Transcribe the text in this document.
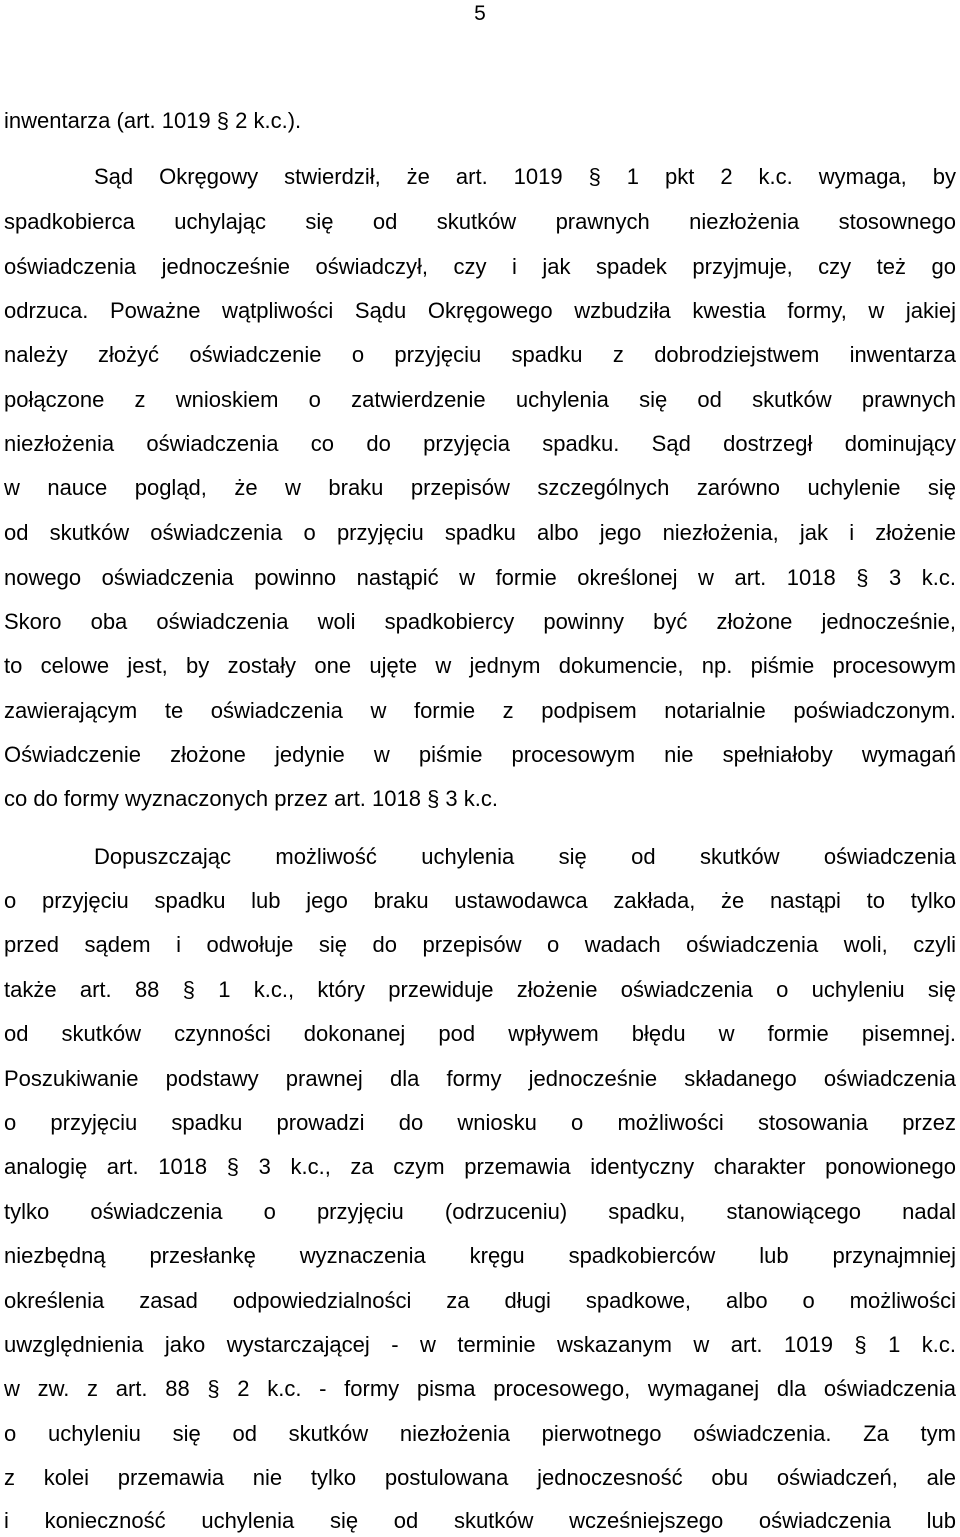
5
inwentarza (art. 1019 § 2 k.c.).
Sąd Okręgowy stwierdził, że art. 1019 § 1 pkt 2 k.c. wymaga, by
spadkobierca uchylając się od skutków prawnych niezłożenia stosownego
oświadczenia jednocześnie oświadczył, czy i jak spadek przyjmuje, czy też go
odrzuca. Poważne wątpliwości Sądu Okręgowego wzbudziła kwestia formy, w jakiej
należy złożyć oświadczenie o przyjęciu spadku z dobrodziejstwem inwentarza
połączone z wnioskiem o zatwierdzenie uchylenia się od skutków prawnych
niezłożenia oświadczenia co do przyjęcia spadku. Sąd dostrzegł dominujący
w nauce pogląd, że w braku przepisów szczególnych zarówno uchylenie się
od skutków oświadczenia o przyjęciu spadku albo jego niezłożenia, jak i złożenie
nowego oświadczenia powinno nastąpić w formie określonej w art. 1018 § 3 k.c.
Skoro oba oświadczenia woli spadkobiercy powinny być złożone jednocześnie,
to celowe jest, by zostały one ujęte w jednym dokumencie, np. piśmie procesowym
zawierającym te oświadczenia w formie z podpisem notarialnie poświadczonym.
Oświadczenie złożone jedynie w piśmie procesowym nie spełniałoby wymagań
co do formy wyznaczonych przez art. 1018 § 3 k.c.
Dopuszczając możliwość uchylenia się od skutków oświadczenia
o przyjęciu spadku lub jego braku ustawodawca zakłada, że nastąpi to tylko
przed sądem i odwołuje się do przepisów o wadach oświadczenia woli, czyli
także art. 88 § 1 k.c., który przewiduje złożenie oświadczenia o uchyleniu się
od skutków czynności dokonanej pod wpływem błędu w formie pisemnej.
Poszukiwanie podstawy prawnej dla formy jednocześnie składanego oświadczenia
o przyjęciu spadku prowadzi do wniosku o możliwości stosowania przez
analogię art. 1018 § 3 k.c., za czym przemawia identyczny charakter ponowionego
tylko oświadczenia o przyjęciu (odrzuceniu) spadku, stanowiącego nadal
niezbędną przesłankę wyznaczenia kręgu spadkobierców lub przynajmniej
określenia zasad odpowiedzialności za długi spadkowe, albo o możliwości
uwzględnienia jako wystarczającej - w terminie wskazanym w art. 1019 § 1 k.c.
w zw. z art. 88 § 2 k.c. - formy pisma procesowego, wymaganej dla oświadczenia
o uchyleniu się od skutków niezłożenia pierwotnego oświadczenia. Za tym
z kolei przemawia nie tylko postulowana jednoczesność obu oświadczeń, ale
i konieczność uchylenia się od skutków wcześniejszego oświadczenia lub
